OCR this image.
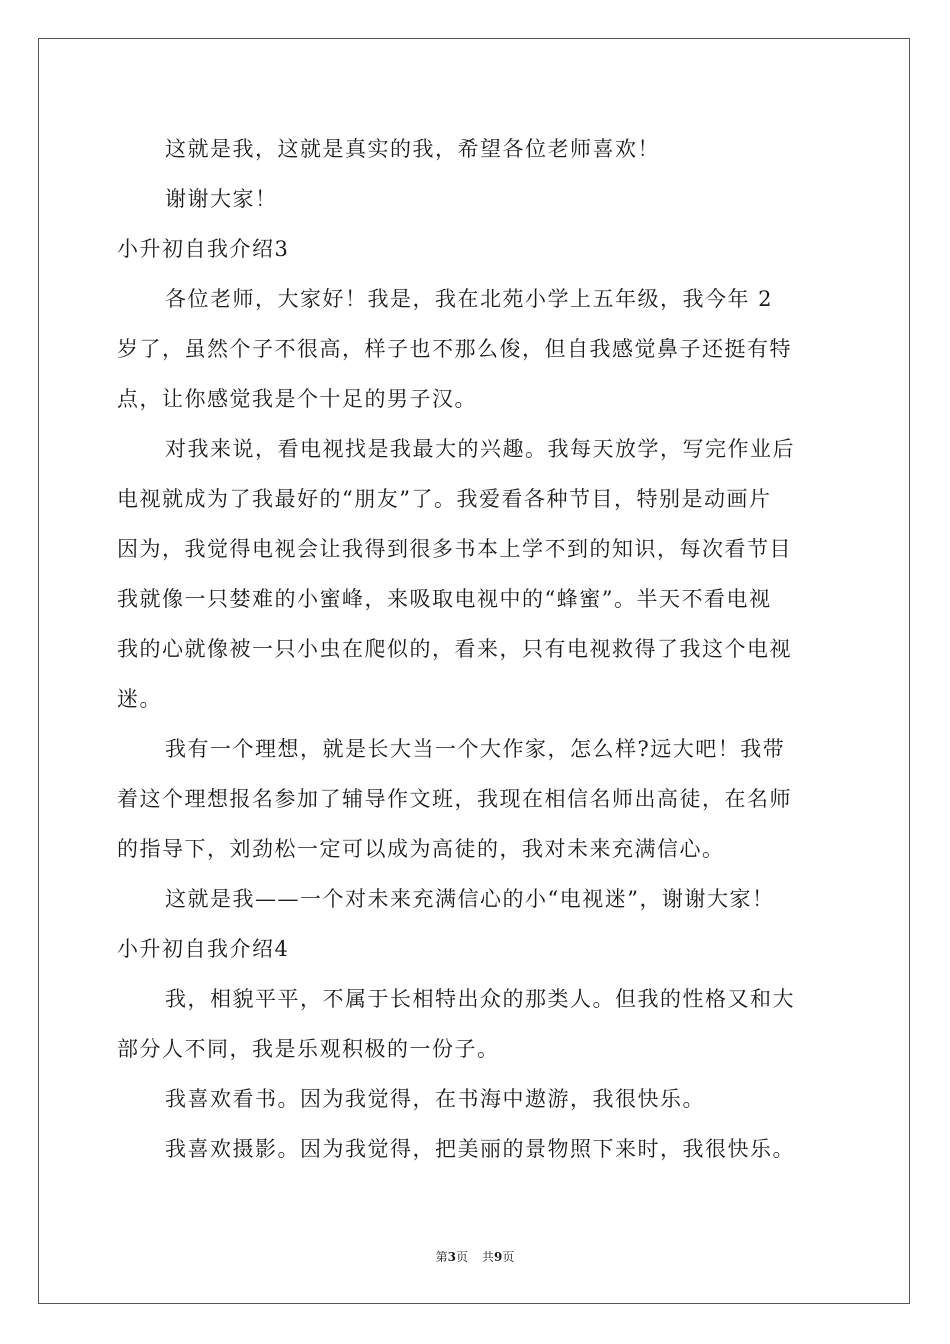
这就是我，这就是真实的我，希望各位老师喜欢！
谢谢大家！
小升初自我介绍3
各位老师，大家好！我是，我在北苑小学上五年级，我今年 2
岁了，虽然个子不很高，样子也不那么俊，但自我感觉鼻子还挺有特
点，让你感觉我是个十足的男子汉。
对我来说，看电视找是我最大的兴趣。我每天放学，写完作业后
电视就成为了我最好的“朋友”了。我爱看各种节目，特别是动画片
因为，我觉得电视会让我得到很多书本上学不到的知识，每次看节目
我就像一只婪难的小蜜峰，来吸取电视中的“蜂蜜”。半天不看电视
我的心就像被一只小虫在爬似的，看来，只有电视救得了我这个电视
迷。
我有一个理想，就是长大当一个大作家，怎么样?远大吧！我带
着这个理想报名参加了辅导作文班，我现在相信名师出高徒，在名师
的指导下，刘劲松一定可以成为高徒的，我对未来充满信心。
这就是我——一个对未来充满信心的小“电视迷”，谢谢大家！
小升初自我介绍4
我，相貌平平，不属于长相特出众的那类人。但我的性格又和大
部分人不同，我是乐观积极的一份子。
我喜欢看书。因为我觉得，在书海中遨游，我很快乐。
我喜欢摄影。因为我觉得，把美丽的景物照下来时，我很快乐。
第3页 共9页
